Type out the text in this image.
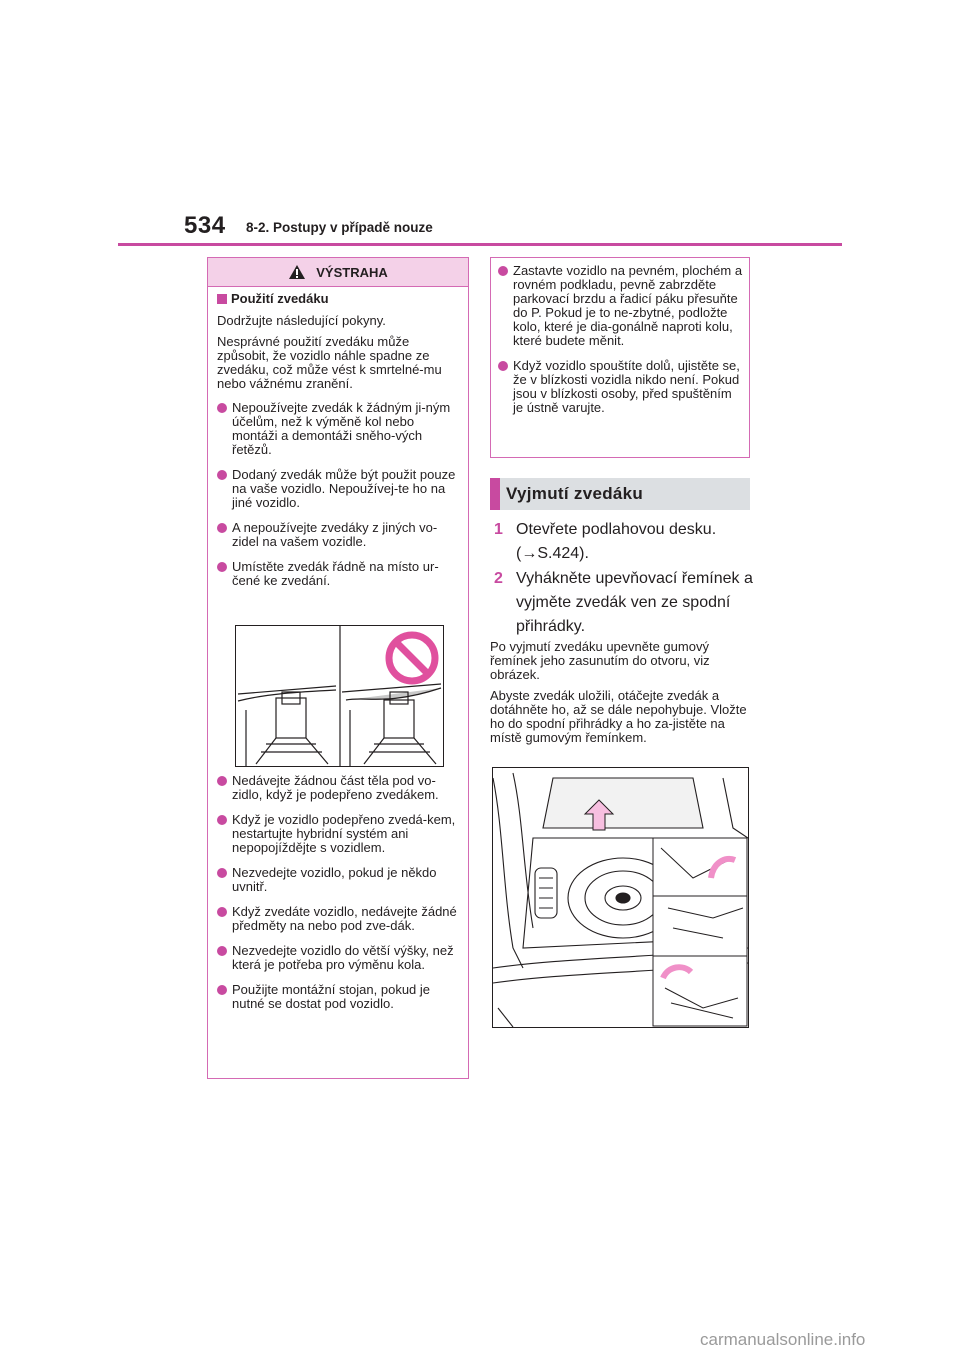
534 8-2. Postupy v případě nouze
VÝSTRAHA
Použití zvedáku

Dodržujte následující pokyny.

Nesprávné použití zvedáku může způsobit, že vozidlo náhle spadne ze zvedáku, což může vést k smrtelné-mu nebo vážnému zranění.

Nepoužívejte zvedák k žádným ji-ným účelům, než k výměně kol nebo montáži a demontáži sněho-vých řetězů.
Dodaný zvedák může být použit pouze na vaše vozidlo. Nepoužívej-te ho na jiné vozidlo.
A nepoužívejte zvedáky z jiných vo-zidel na vašem vozidle.
Umístěte zvedák řádně na místo ur-čené ke zvedání.
Nedávejte žádnou část těla pod vo-zidlo, když je podepřeno zvedákem.
Když je vozidlo podepřeno zvedá-kem, nestartujte hybridní systém ani nepopojíždějte s vozidlem.
Nezvedejte vozidlo, pokud je někdo uvnitř.
Když zvedáte vozidlo, nedávejte žádné předměty na nebo pod zve-dák.
Nezvedejte vozidlo do větší výšky, než která je potřeba pro výměnu kola.
Použijte montážní stojan, pokud je nutné se dostat pod vozidlo.
Zastavte vozidlo na pevném, plochém a rovném podkladu, pevně zabrzděte parkovací brzdu a řadicí páku přesuňte do P. Pokud je to ne-zbytné, podložte kolo, které je dia-gonálně naproti kolu, které budete měnit.
Když vozidlo spouštíte dolů, ujistěte se, že v blízkosti vozidla nikdo není. Pokud jsou v blízkosti osoby, před spuštěním je ústně varujte.
Vyjmutí zvedáku
1 Otevřete podlahovou desku. (→S.424).
2 Vyhákněte upevňovací řemínek a vyjměte zvedák ven ze spodní přihrádky.

Po vyjmutí zvedáku upevněte gumový řemínek jeho zasunutím do otvoru, viz obrázek.

Abyste zvedák uložili, otáčejte zvedák a dotáhněte ho, až se dále nepohybuje. Vložte ho do spodní přihrádky a ho za-jistěte na místě gumovým řemínkem.

carmanualsonline.info
